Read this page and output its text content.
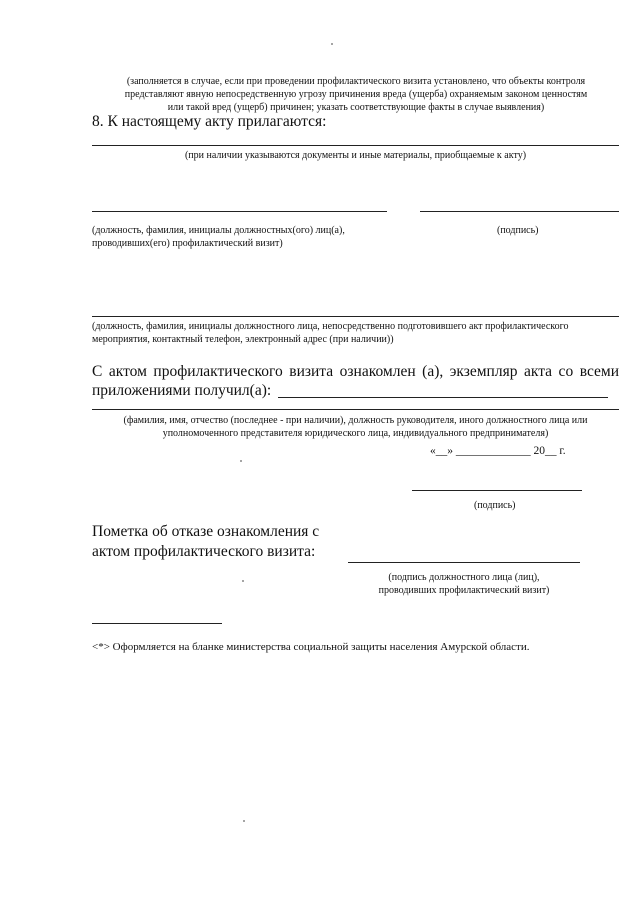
(заполняется в случае, если при проведении профилактического визита установлено, что объекты контроля
представляют явную непосредственную угрозу причинения вреда (ущерба) охраняемым законом ценностям
или такой вред (ущерб) причинен; указать соответствующие факты в случае выявления)
8. К настоящему акту прилагаются:
(при наличии указываются документы и иные материалы, приобщаемые к акту)
(должность, фамилия, инициалы должностных(ого) лиц(а),
проводивших(его) профилактический визит)
(подпись)
(должность, фамилия, инициалы должностного лица, непосредственно подготовившего акт профилактического
мероприятия, контактный телефон, электронный адрес (при наличии))
С актом профилактического визита ознакомлен (а), экземпляр акта со всеми
приложениями получил(а):
(фамилия, имя, отчество (последнее - при наличии), должность руководителя, иного должностного лица или
уполномоченного представителя юридического лица, индивидуального предпринимателя)
«__» _____________ 20__ г.
(подпись)
Пометка об отказе ознакомления с
актом профилактического визита:
(подпись должностного лица (лиц),
проводивших профилактический визит)
<*> Оформляется на бланке министерства социальной защиты населения Амурской области.
